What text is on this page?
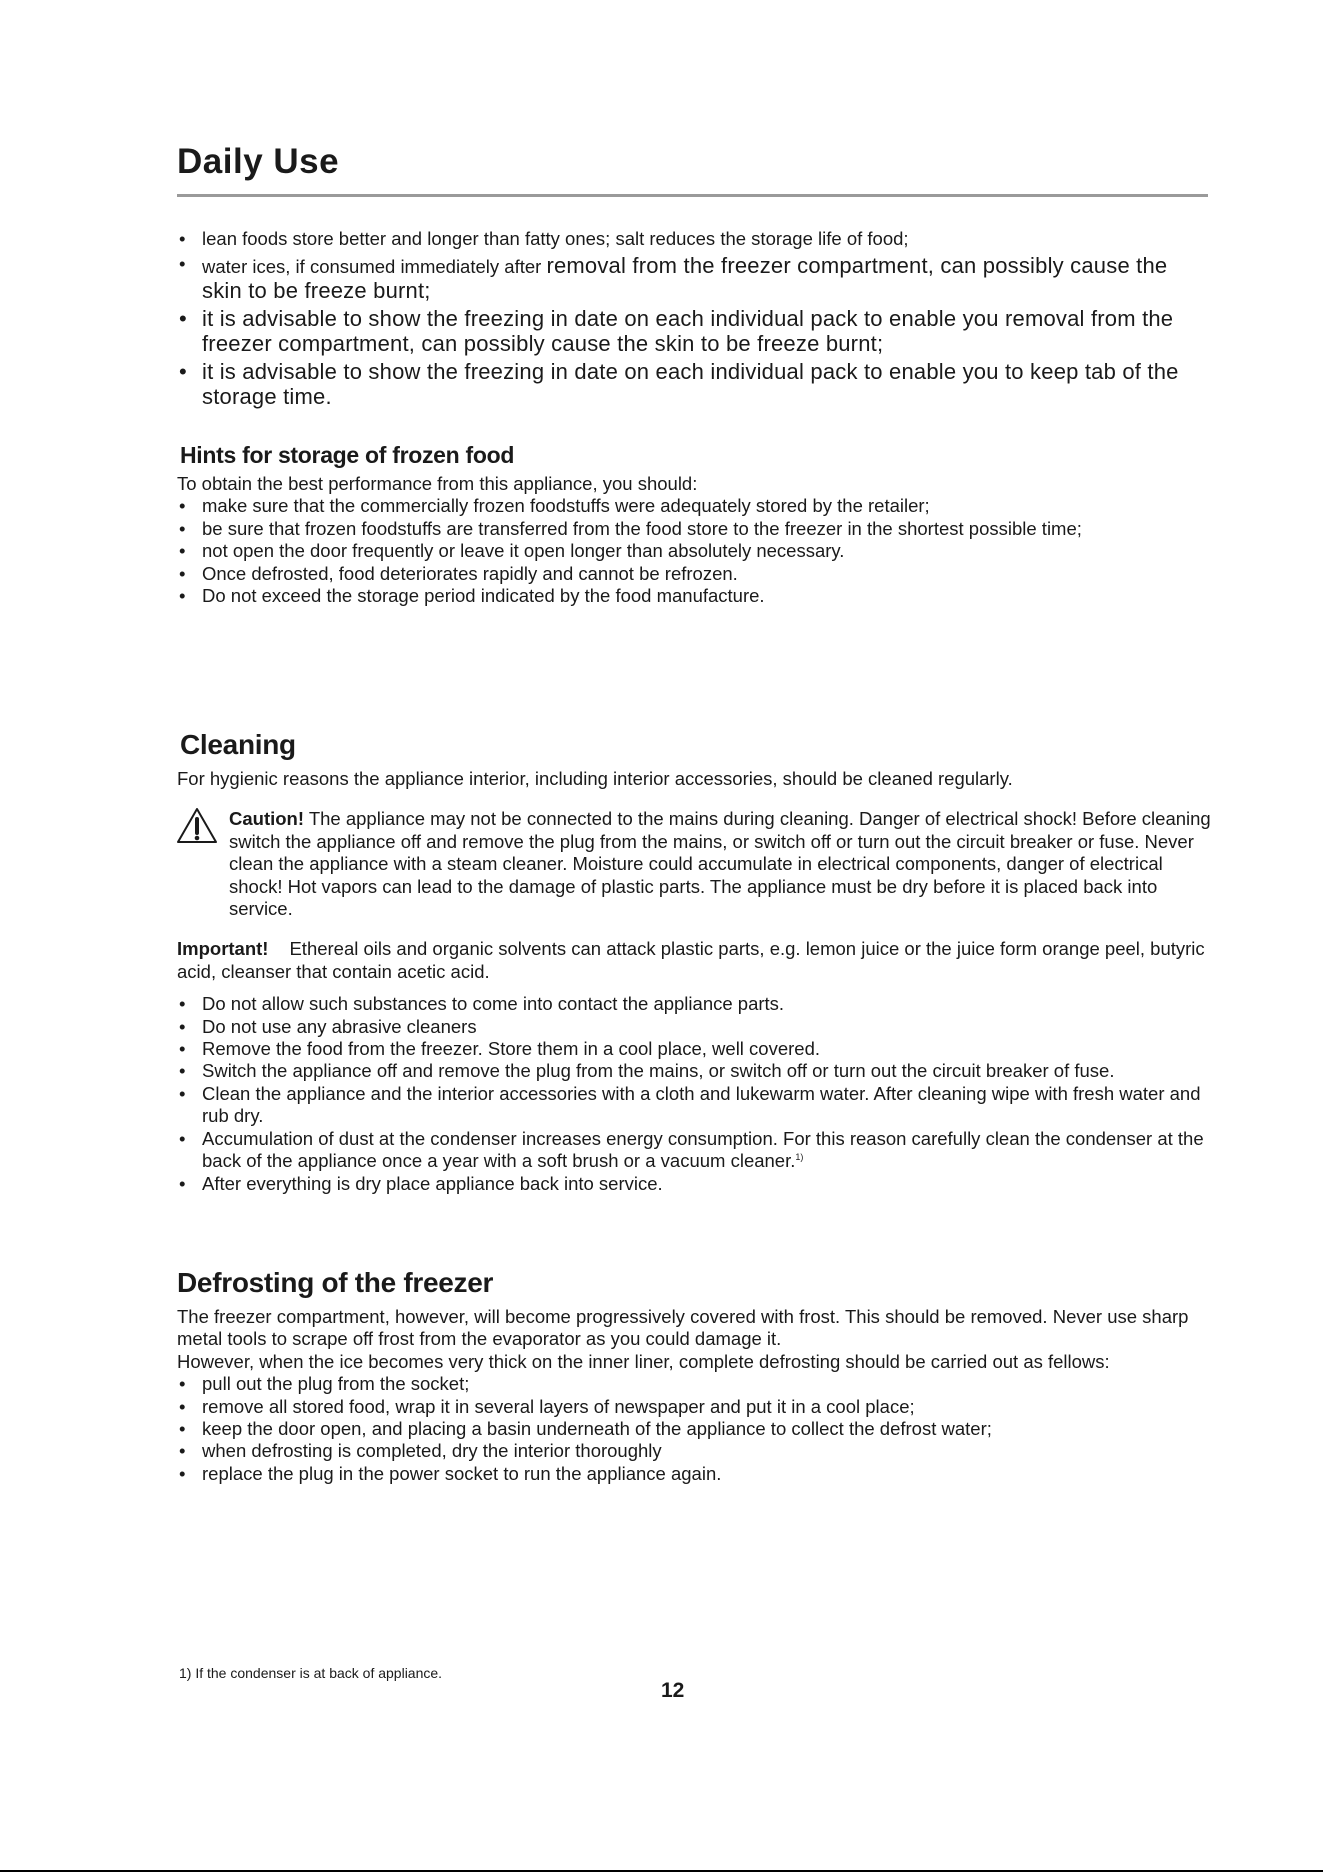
Daily Use
• lean foods store better and longer than fatty ones; salt reduces the storage life of food;
• water ices, if consumed immediately after removal from the freezer compartment, can possibly cause the skin to be freeze burnt;
• it is advisable to show the freezing in date on each individual pack to enable you removal from the freezer compartment, can possibly cause the skin to be freeze burnt;
• it is advisable to show the freezing in date on each individual pack to enable you to keep tab of the storage time.
Hints for storage of frozen food
To obtain the best performance from this appliance, you should:
• make sure that the commercially frozen foodstuffs were adequately stored by the retailer;
• be sure that frozen foodstuffs are transferred from the food store to the freezer in the shortest possible time;
• not open the door frequently or leave it open longer than absolutely necessary.
• Once defrosted, food deteriorates rapidly and cannot be refrozen.
• Do not exceed the storage period indicated by the food manufacture.
Cleaning
For hygienic reasons the appliance interior, including interior accessories, should be cleaned regularly.
Caution! The appliance may not be connected to the mains during cleaning. Danger of electrical shock! Before cleaning switch the appliance off and remove the plug from the mains, or switch off or turn out the circuit breaker or fuse. Never clean the appliance with a steam cleaner. Moisture could accumulate in electrical components, danger of electrical shock! Hot vapors can lead to the damage of plastic parts. The appliance must be dry before it is placed back into service.
Important! Ethereal oils and organic solvents can attack plastic parts, e.g. lemon juice or the juice form orange peel, butyric acid, cleanser that contain acetic acid.
• Do not allow such substances to come into contact the appliance parts.
• Do not use any abrasive cleaners
• Remove the food from the freezer. Store them in a cool place, well covered.
• Switch the appliance off and remove the plug from the mains, or switch off or turn out the circuit breaker of fuse.
• Clean the appliance and the interior accessories with a cloth and lukewarm water. After cleaning wipe with fresh water and rub dry.
• Accumulation of dust at the condenser increases energy consumption. For this reason carefully clean the condenser at the back of the appliance once a year with a soft brush or a vacuum cleaner.$^{1)}$
• After everything is dry place appliance back into service.
Defrosting of the freezer
The freezer compartment, however, will become progressively covered with frost. This should be removed. Never use sharp metal tools to scrape off frost from the evaporator as you could damage it.
However, when the ice becomes very thick on the inner liner, complete defrosting should be carried out as fellows:
• pull out the plug from the socket;
• remove all stored food, wrap it in several layers of newspaper and put it in a cool place;
• keep the door open, and placing a basin underneath of the appliance to collect the defrost water;
• when defrosting is completed, dry the interior thoroughly
• replace the plug in the power socket to run the appliance again.
1) If the condenser is at back of appliance.
12
